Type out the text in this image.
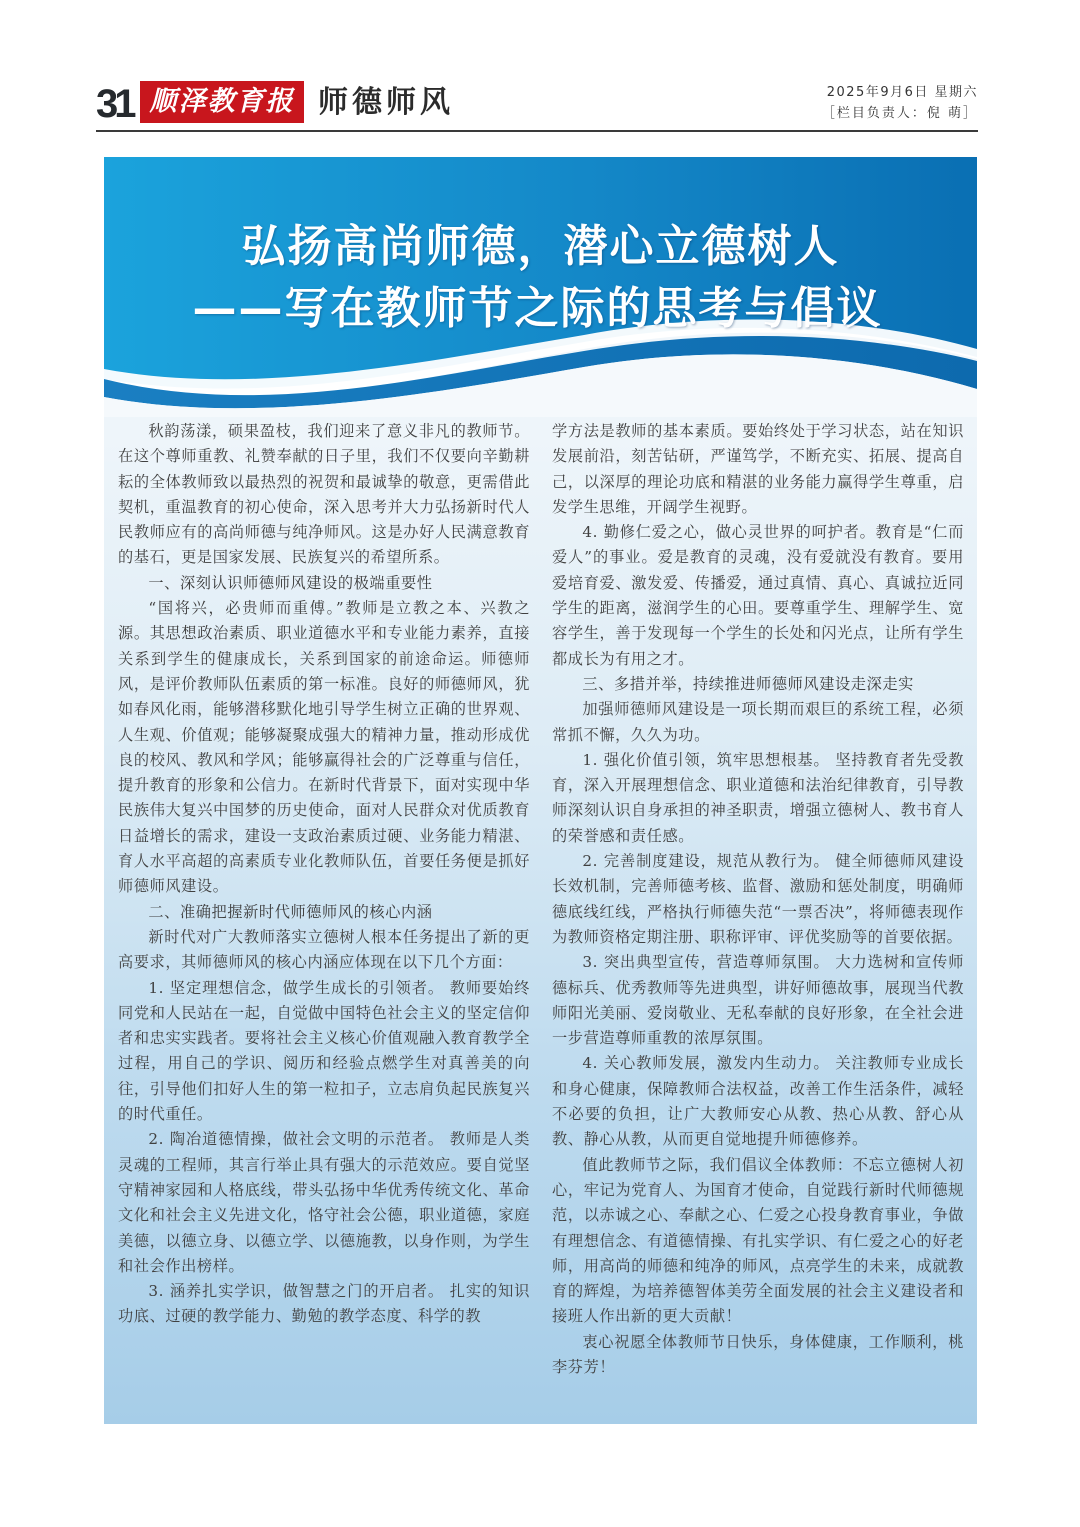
31 顺泽教育报 师德师风	2025年9月6日 星期六
［栏目负责人：倪 萌］
弘扬高尚师德，潜心立德树人
——写在教师节之际的思考与倡议

秋韵荡漾，硕果盈枝，我们迎来了意义非凡的教师节。在这个尊师重教、礼赞奉献的日子里，我们不仅要向辛勤耕耘的全体教师致以最热烈的祝贺和最诚挚的敬意，更需借此契机，重温教育的初心使命，深入思考并大力弘扬新时代人民教师应有的高尚师德与纯净师风。这是办好人民满意教育的基石，更是国家发展、民族复兴的希望所系。

一、深刻认识师德师风建设的极端重要性

“国将兴，必贵师而重傅。”教师是立教之本、兴教之源。其思想政治素质、职业道德水平和专业能力素养，直接关系到学生的健康成长，关系到国家的前途命运。师德师风，是评价教师队伍素质的第一标准。良好的师德师风，犹如春风化雨，能够潜移默化地引导学生树立正确的世界观、人生观、价值观；能够凝聚成强大的精神力量，推动形成优良的校风、教风和学风；能够赢得社会的广泛尊重与信任，提升教育的形象和公信力。在新时代背景下，面对实现中华民族伟大复兴中国梦的历史使命，面对人民群众对优质教育日益增长的需求，建设一支政治素质过硬、业务能力精湛、育人水平高超的高素质专业化教师队伍，首要任务便是抓好师德师风建设。

二、准确把握新时代师德师风的核心内涵

新时代对广大教师落实立德树人根本任务提出了新的更高要求，其师德师风的核心内涵应体现在以下几个方面：

1. 坚定理想信念，做学生成长的引领者。 教师要始终同党和人民站在一起，自觉做中国特色社会主义的坚定信仰者和忠实实践者。要将社会主义核心价值观融入教育教学全过程，用自己的学识、阅历和经验点燃学生对真善美的向往，引导他们扣好人生的第一粒扣子，立志肩负起民族复兴的时代重任。

2. 陶冶道德情操，做社会文明的示范者。 教师是人类灵魂的工程师，其言行举止具有强大的示范效应。要自觉坚守精神家园和人格底线，带头弘扬中华优秀传统文化、革命文化和社会主义先进文化，恪守社会公德，职业道德，家庭美德，以德立身、以德立学、以德施教，以身作则，为学生和社会作出榜样。

3. 涵养扎实学识，做智慧之门的开启者。 扎实的知识功底、过硬的教学能力、勤勉的教学态度、科学的教

学方法是教师的基本素质。要始终处于学习状态，站在知识发展前沿，刻苦钻研，严谨笃学，不断充实、拓展、提高自己，以深厚的理论功底和精湛的业务能力赢得学生尊重，启发学生思维，开阔学生视野。

4. 勤修仁爱之心，做心灵世界的呵护者。教育是“仁而爱人”的事业。爱是教育的灵魂，没有爱就没有教育。要用爱培育爱、激发爱、传播爱，通过真情、真心、真诚拉近同学生的距离，滋润学生的心田。要尊重学生、理解学生、宽容学生，善于发现每一个学生的长处和闪光点，让所有学生都成长为有用之才。

三、多措并举，持续推进师德师风建设走深走实

加强师德师风建设是一项长期而艰巨的系统工程，必须常抓不懈，久久为功。

1. 强化价值引领，筑牢思想根基。 坚持教育者先受教育，深入开展理想信念、职业道德和法治纪律教育，引导教师深刻认识自身承担的神圣职责，增强立德树人、教书育人的荣誉感和责任感。

2. 完善制度建设，规范从教行为。 健全师德师风建设长效机制，完善师德考核、监督、激励和惩处制度，明确师德底线红线，严格执行师德失范“一票否决”，将师德表现作为教师资格定期注册、职称评审、评优奖励等的首要依据。

3. 突出典型宣传，营造尊师氛围。 大力选树和宣传师德标兵、优秀教师等先进典型，讲好师德故事，展现当代教师阳光美丽、爱岗敬业、无私奉献的良好形象，在全社会进一步营造尊师重教的浓厚氛围。

4. 关心教师发展，激发内生动力。 关注教师专业成长和身心健康，保障教师合法权益，改善工作生活条件，减轻不必要的负担，让广大教师安心从教、热心从教、舒心从教、静心从教，从而更自觉地提升师德修养。

值此教师节之际，我们倡议全体教师：不忘立德树人初心，牢记为党育人、为国育才使命，自觉践行新时代师德规范，以赤诚之心、奉献之心、仁爱之心投身教育事业，争做有理想信念、有道德情操、有扎实学识、有仁爱之心的好老师，用高尚的师德和纯净的师风，点亮学生的未来，成就教育的辉煌，为培养德智体美劳全面发展的社会主义建设者和接班人作出新的更大贡献！

衷心祝愿全体教师节日快乐，身体健康，工作顺利，桃李芬芳！
